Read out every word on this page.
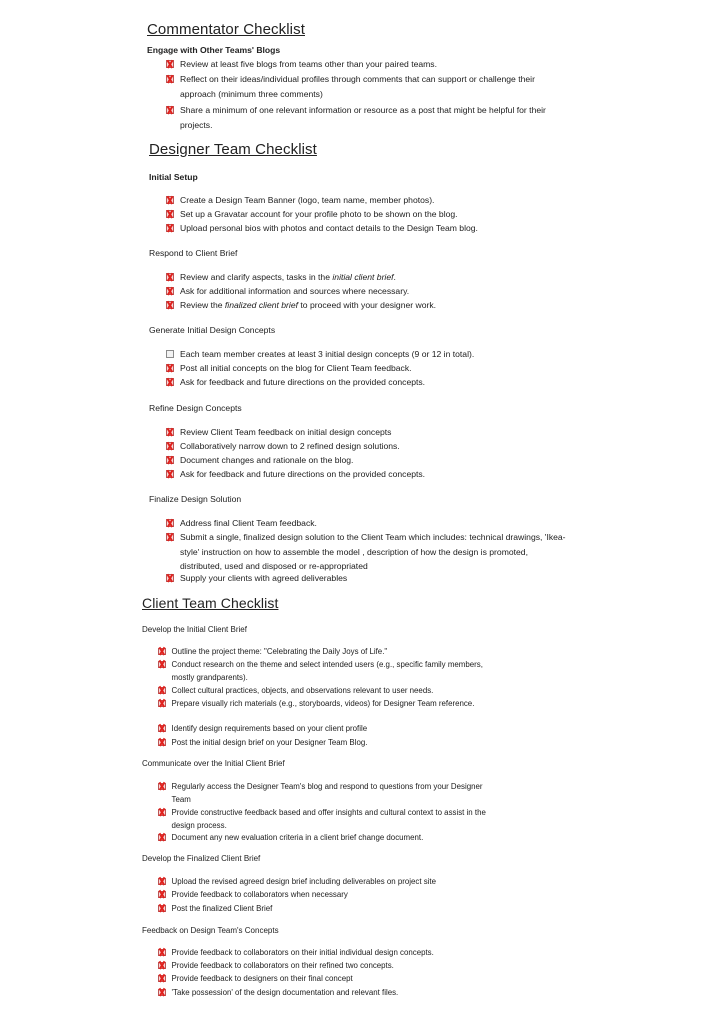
Commentator Checklist
Engage with Other Teams' Blogs
Review at least five blogs from teams other than your paired teams.
Reflect on their ideas/individual profiles through comments that can support or challenge their approach (minimum three comments)
Share a minimum of one relevant information or resource as a post that might be helpful for their projects.
Designer Team Checklist
Initial Setup
Create a Design Team Banner (logo, team name, member photos).
Set up a Gravatar account for your profile photo to be shown on the blog.
Upload personal bios with photos and contact details to the Design Team blog.
Respond to Client Brief
Review and clarify aspects, tasks in the initial client brief.
Ask for additional information and sources where necessary.
Review the finalized client brief to proceed with your designer work.
Generate Initial Design Concepts
Each team member creates at least 3 initial design concepts (9 or 12 in total).
Post all initial concepts on the blog for Client Team feedback.
Ask for feedback and future directions on the provided concepts.
Refine Design Concepts
Review Client Team feedback on initial design concepts
Collaboratively narrow down to 2 refined design solutions.
Document changes and rationale on the blog.
Ask for feedback and future directions on the provided concepts.
Finalize Design Solution
Address final Client Team feedback.
Submit a single, finalized design solution to the Client Team which includes: technical drawings, 'Ikea-style' instruction on how to assemble the model , description of how the design is promoted, distributed, used and disposed or re-appropriated
Supply your clients with agreed deliverables
Client Team Checklist
Develop the Initial Client Brief
Outline the project theme: "Celebrating the Daily Joys of Life."
Conduct research on the theme and select intended users (e.g., specific family members, mostly grandparents).
Collect cultural practices, objects, and observations relevant to user needs.
Prepare visually rich materials (e.g., storyboards, videos) for Designer Team reference.
Identify design requirements based on your client profile
Post the initial design brief on your Designer Team Blog.
Communicate over the Initial Client Brief
Regularly access the Designer Team's blog and respond to questions from your Designer Team
Provide constructive feedback based and offer insights and cultural context to assist in the design process.
Document any new evaluation criteria in a client brief change document.
Develop the Finalized Client Brief
Upload the revised agreed design brief including deliverables on project site
Provide feedback to collaborators when necessary
Post the finalized Client Brief
Feedback on Design Team's Concepts
Provide feedback to collaborators on their initial individual design concepts.
Provide feedback to collaborators on their refined two concepts.
Provide feedback to designers on their final concept
'Take possession' of the design documentation and relevant files.
